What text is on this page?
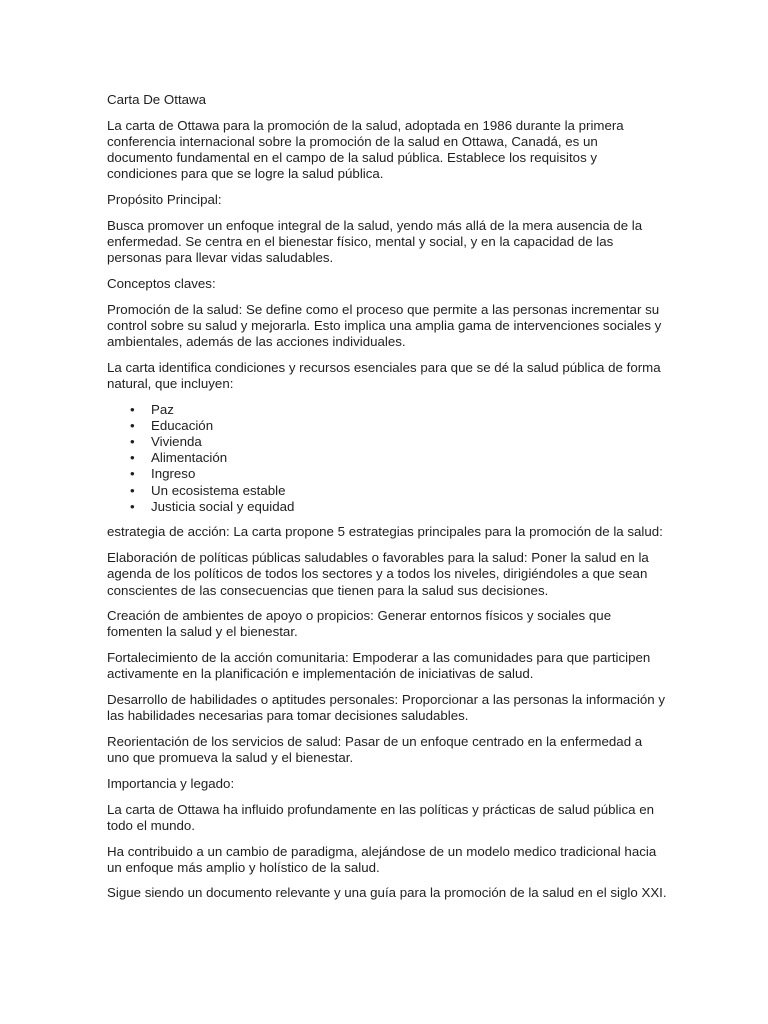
Carta De Ottawa

La carta de Ottawa para la promoción de la salud, adoptada en 1986 durante la primera conferencia internacional sobre la promoción de la salud en Ottawa, Canadá, es un documento fundamental en el campo de la salud pública. Establece los requisitos y condiciones para que se logre la salud pública.

Propósito Principal:

Busca promover un enfoque integral de la salud, yendo más allá de la mera ausencia de la enfermedad. Se centra en el bienestar físico, mental y social, y en la capacidad de las personas para llevar vidas saludables.

Conceptos claves:

Promoción de la salud: Se define como el proceso que permite a las personas incrementar su control sobre su salud y mejorarla. Esto implica una amplia gama de intervenciones sociales y ambientales, además de las acciones individuales.

La carta identifica condiciones y recursos esenciales para que se dé la salud pública de forma natural, que incluyen:

• Paz
• Educación
• Vivienda
• Alimentación
• Ingreso
• Un ecosistema estable
• Justicia social y equidad

estrategia de acción: La carta propone 5 estrategias principales para la promoción de la salud:

Elaboración de políticas públicas saludables o favorables para la salud: Poner la salud en la agenda de los políticos de todos los sectores y a todos los niveles, dirigiéndoles a que sean conscientes de las consecuencias que tienen para la salud sus decisiones.

Creación de ambientes de apoyo o propicios: Generar entornos físicos y sociales que fomenten la salud y el bienestar.

Fortalecimiento de la acción comunitaria: Empoderar a las comunidades para que participen activamente en la planificación e implementación de iniciativas de salud.

Desarrollo de habilidades o aptitudes personales: Proporcionar a las personas la información y las habilidades necesarias para tomar decisiones saludables.

Reorientación de los servicios de salud: Pasar de un enfoque centrado en la enfermedad a uno que promueva la salud y el bienestar.

Importancia y legado:

La carta de Ottawa ha influido profundamente en las políticas y prácticas de salud pública en todo el mundo.

Ha contribuido a un cambio de paradigma, alejándose de un modelo medico tradicional hacia un enfoque más amplio y holístico de la salud.

Sigue siendo un documento relevante y una guía para la promoción de la salud en el siglo XXI.
